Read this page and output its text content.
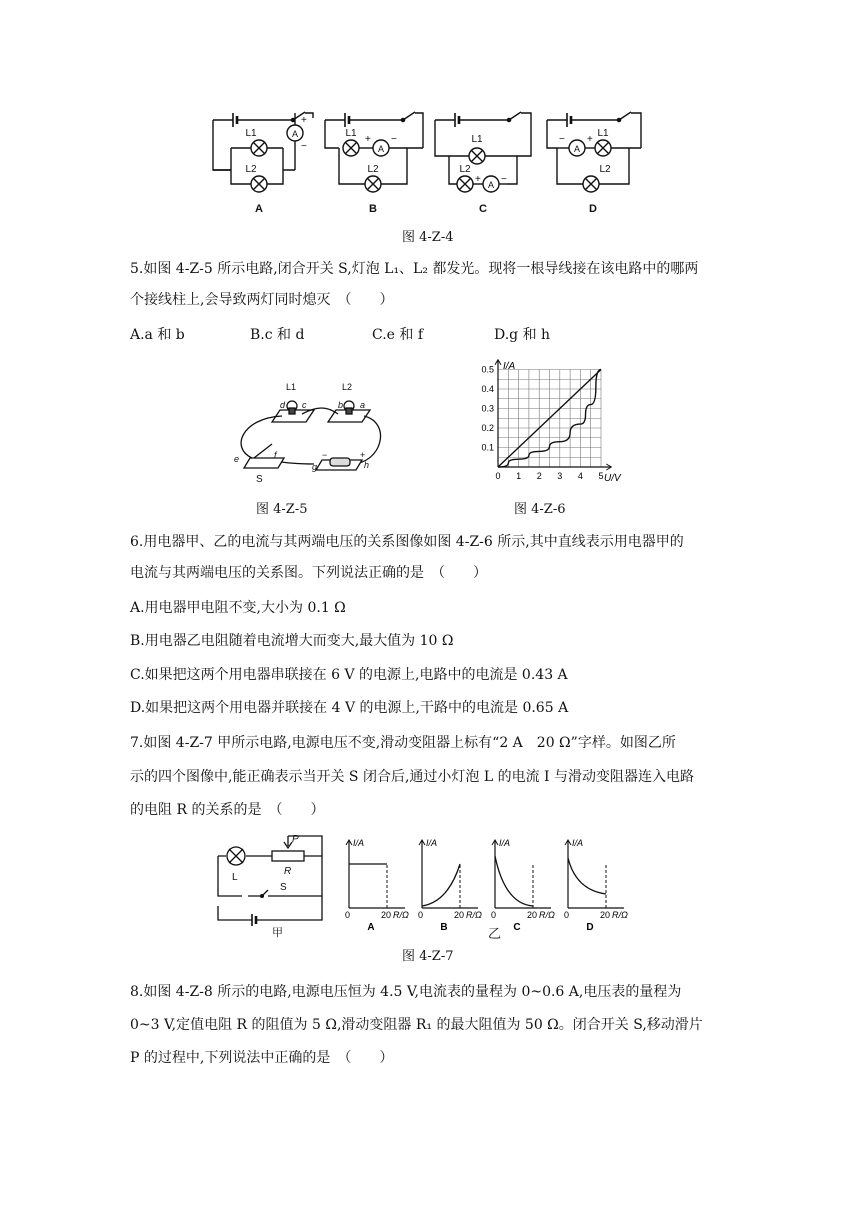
L1
L2
A
+
−
A
L1
L2
A
+ −
B
L1
L2
A
+ −
C
L1
L2
A
− +
D
图 4-Z-4
5.如图 4-Z-5 所示电路,闭合开关 S,灯泡 L₁、L₂ 都发光。现将一根导线接在该电路中的哪两
个接线柱上,会导致两灯同时熄灭　（　　）
A.a 和 b	B.c 和 d	C.e 和 f	D.g 和 h
L1	L2
d c	b a
e	f
g	h
−	+
S
图 4-Z-5
0.5
0.4
0.3
0.2
0.1
0 1 2 3 4 5
I/A
U/V
图 4-Z-6
6.用电器甲、乙的电流与其两端电压的关系图像如图 4-Z-6 所示,其中直线表示用电器甲的
电流与其两端电压的关系图。下列说法正确的是　（　　）
A.用电器甲电阻不变,大小为 0.1 Ω
B.用电器乙电阻随着电流增大而变大,最大值为 10 Ω
C.如果把这两个用电器串联接在 6 V 的电源上,电路中的电流是 0.43 A
D.如果把这两个用电器并联接在 4 V 的电源上,干路中的电流是 0.65 A
7.如图 4-Z-7 甲所示电路,电源电压不变,滑动变阻器上标有“2 A　20 Ω”字样。如图乙所
示的四个图像中,能正确表示当开关 S 闭合后,通过小灯泡 L 的电流 I 与滑动变阻器连入电路
的电阻 R 的关系的是　（　　）
L
P
R
S
甲
I/A
0	20 R/Ω
A
I/A
0	20 R/Ω
B
I/A
0	20 R/Ω
C
I/A
0	20 R/Ω
D
乙
图 4-Z-7
8.如图 4-Z-8 所示的电路,电源电压恒为 4.5 V,电流表的量程为 0~0.6 A,电压表的量程为
0~3 V,定值电阻 R 的阻值为 5 Ω,滑动变阻器 R₁ 的最大阻值为 50 Ω。闭合开关 S,移动滑片
P 的过程中,下列说法中正确的是　（　　）
